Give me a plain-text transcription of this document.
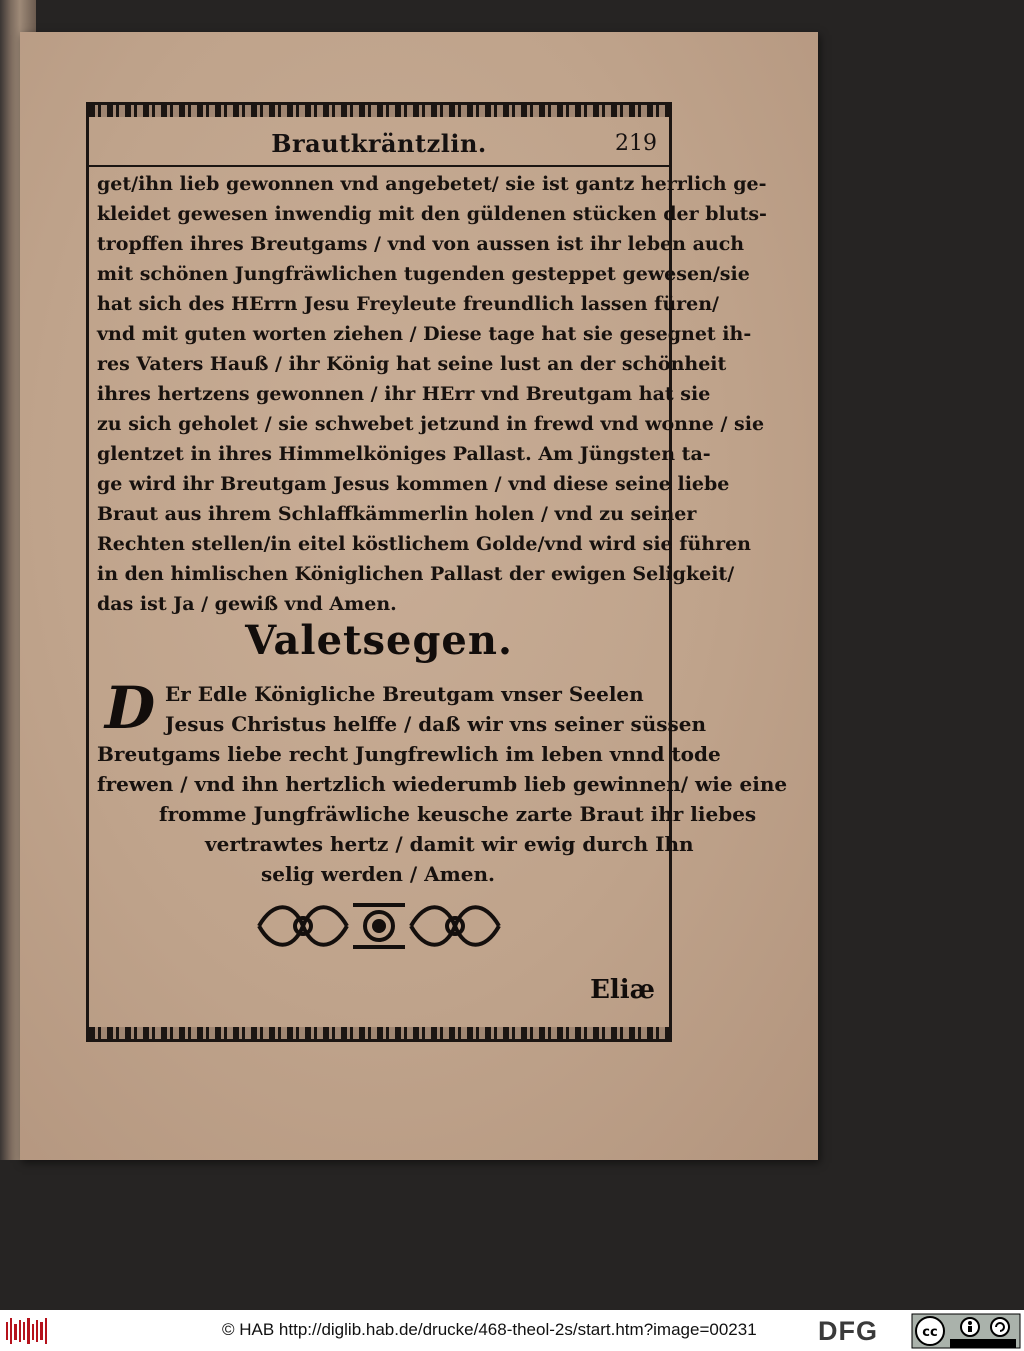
Brautkräntzlin.	219
get/ihn lieb gewonnen vnd angebetet/ sie ist gantz herrlich ge-
kleidet gewesen inwendig mit den güldenen stücken der bluts-
tropffen ihres Breutgams / vnd von aussen ist ihr leben auch
mit schönen Jungfräwlichen tugenden gesteppet gewesen/sie
hat sich des HErrn Jesu Freyleute freundlich lassen füren/
vnd mit guten worten ziehen / Diese tage hat sie gesegnet ih-
res Vaters Hauß / ihr König hat seine lust an der schönheit
ihres hertzens gewonnen / ihr HErr vnd Breutgam hat sie
zu sich geholet / sie schwebet jetzund in frewd vnd wonne / sie
glentzet in ihres Himmelköniges Pallast. Am Jüngsten ta-
ge wird ihr Breutgam Jesus kommen / vnd diese seine liebe
Braut aus ihrem Schlaffkämmerlin holen / vnd zu seiner
Rechten stellen/in eitel köstlichem Golde/vnd wird sie führen
in den himlischen Königlichen Pallast der ewigen Seligkeit/
das ist Ja / gewiß vnd Amen.
Valetsegen.
D Er Edle Königliche Breutgam vnser Seelen
Jesus Christus helffe / daß wir vns seiner süssen
Breutgams liebe recht Jungfrewlich im leben vnnd tode
frewen / vnd ihn hertzlich wiederumb lieb gewinnen/ wie eine
fromme Jungfräwliche keusche zarte Braut ihr liebes
vertrawtes hertz / damit wir ewig durch Ihn
selig werden / Amen.
Eliæ
© HAB http://diglib.hab.de/drucke/468-theol-2s/start.htm?image=00231 DFG	cc
